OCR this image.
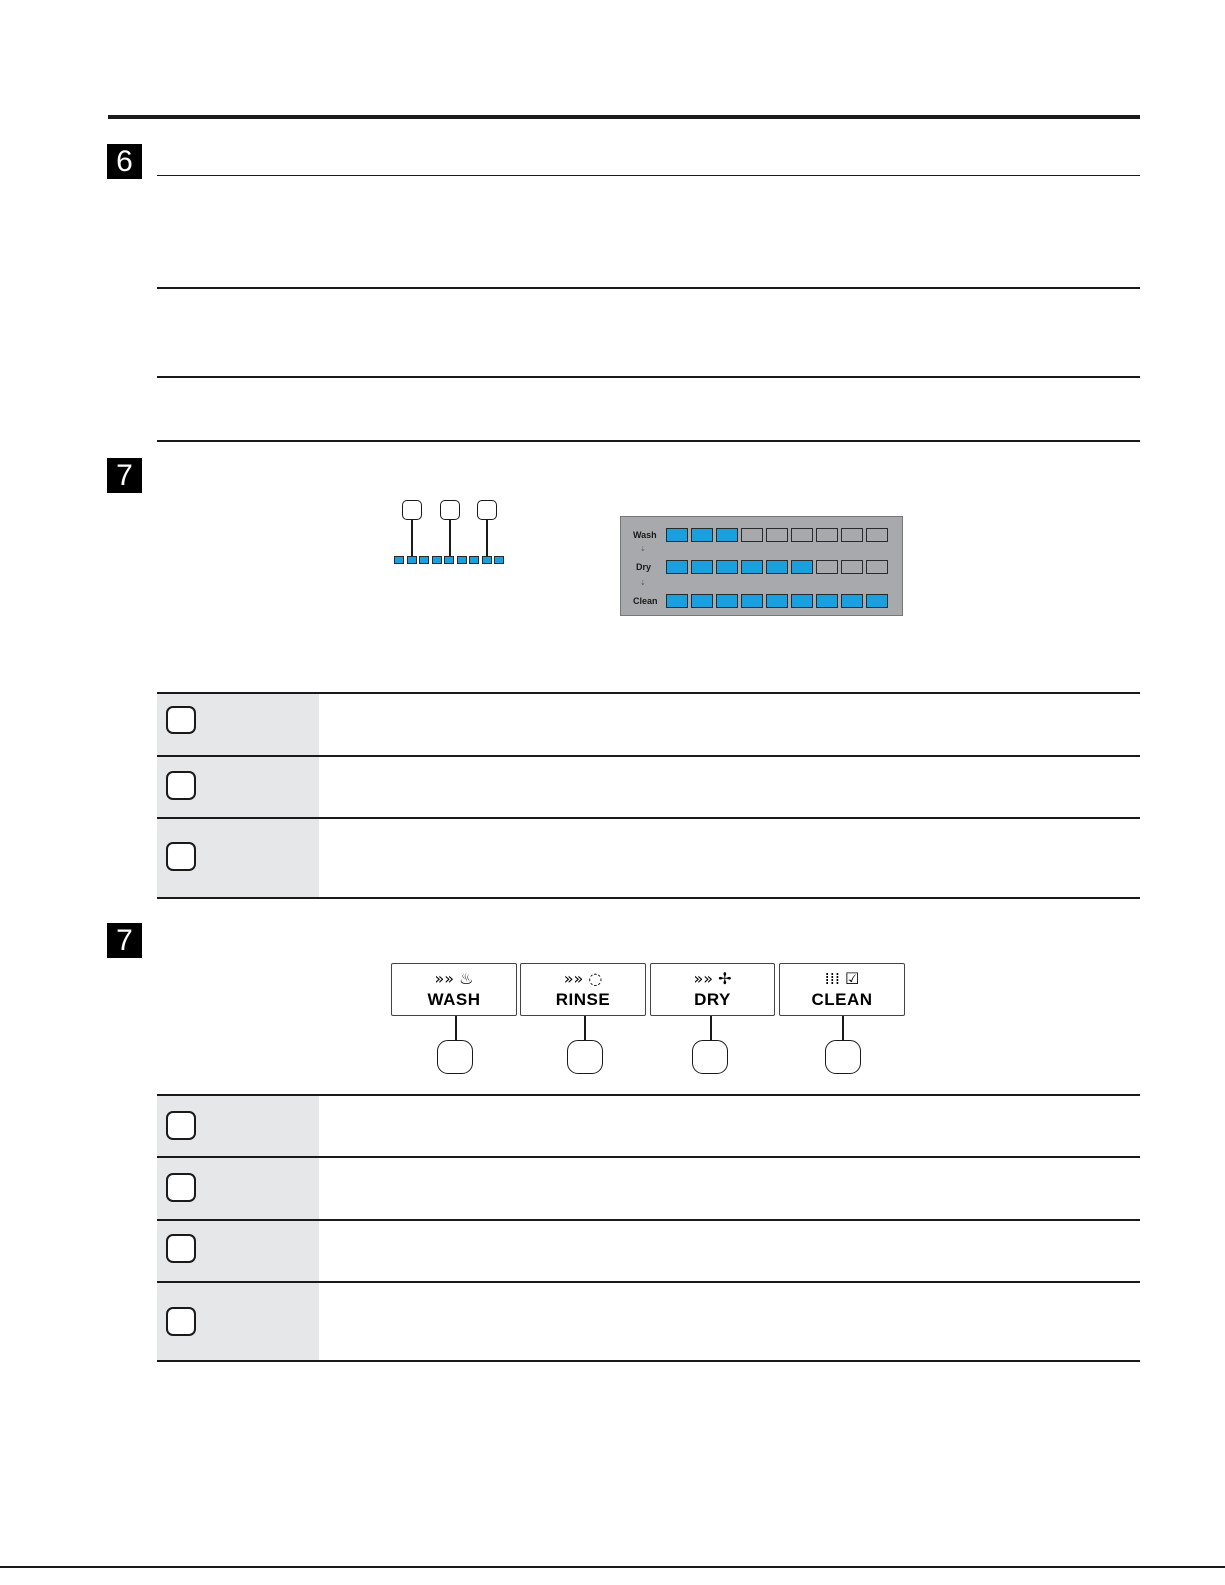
6
7
Wash
Dry
Clean
⇣
⇣
7
»» ♨
WASH
»» ◌
RINSE
»» ✢
DRY
⁞⁞⁞ ☑
CLEAN
